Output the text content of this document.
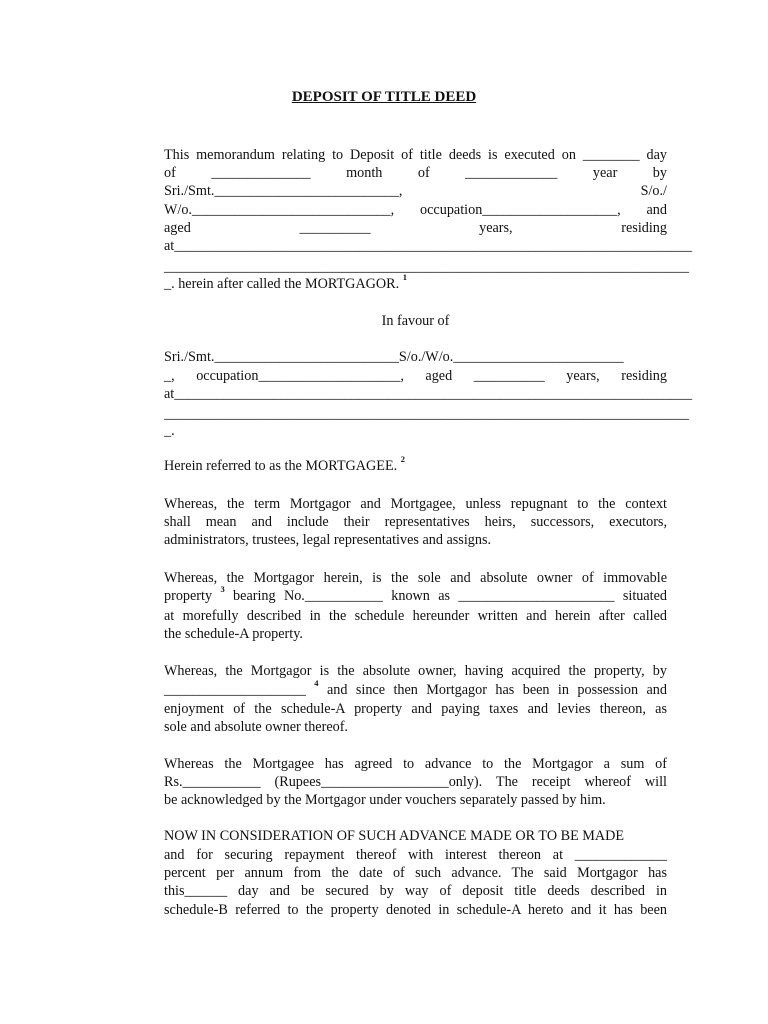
DEPOSIT OF TITLE DEED
This memorandum relating to Deposit of title deeds is executed on ________ day
of ______________ month of _____________ year by
Sri./Smt.__________________________, S/o./
W/o.____________________________, occupation___________________, and
aged __________ years, residing
at_________________________________________________________________________
__________________________________________________________________________
_. herein after called the MORTGAGOR. $^1$
In favour of
Sri./Smt.__________________________S/o./W/o.________________________
_, occupation____________________, aged __________ years, residing
at_________________________________________________________________________
__________________________________________________________________________
_.
Herein referred to as the MORTGAGEE. $^2$
Whereas, the term Mortgagor and Mortgagee, unless repugnant to the context
shall mean and include their representatives heirs, successors, executors,
administrators, trustees, legal representatives and assigns.
Whereas, the Mortgagor herein, is the sole and absolute owner of immovable
property $^3$ bearing No.___________ known as ______________________ situated
at morefully described in the schedule hereunder written and herein after called
the schedule-A property.
Whereas, the Mortgagor is the absolute owner, having acquired the property, by
____________________ $^4$ and since then Mortgagor has been in possession and
enjoyment of the schedule-A property and paying taxes and levies thereon, as
sole and absolute owner thereof.
Whereas the Mortgagee has agreed to advance to the Mortgagor a sum of
Rs.___________ (Rupees__________________only). The receipt whereof will
be acknowledged by the Mortgagor under vouchers separately passed by him.
NOW IN CONSIDERATION OF SUCH ADVANCE MADE OR TO BE MADE
and for securing repayment thereof with interest thereon at _____________
percent per annum from the date of such advance. The said Mortgagor has
this______ day and be secured by way of deposit title deeds described in
schedule-B referred to the property denoted in schedule-A hereto and it has been
